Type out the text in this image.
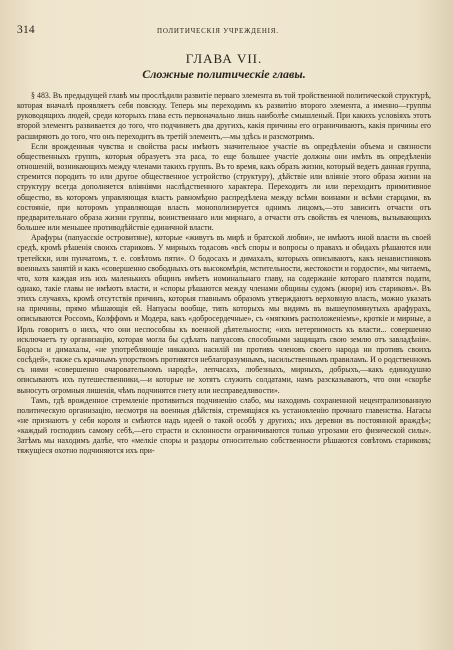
314	ПОЛИТИЧЕСКІЯ УЧРЕЖДЕНІЯ.
ГЛАВА VII.
Сложные политическiе главы.

§ 483. Въ предыдущей главѣ мы прослѣдили развитіе перваго элемента въ той тройственной политической структурѣ, которая вначалѣ проявляетъ себя повсюду. Теперь мы переходимъ къ развитію второго элемента, а именно—группы руководящихъ людей, среди которыхъ глава есть первоначально лишь наиболѣе смышленый. При какихъ условіяхъ этотъ второй элементъ развивается до того, что подчиняетъ два другихъ, какія причины его ограничиваютъ, какія причины его расширяютъ до того, что онъ переходитъ въ третій элементъ,—мы здѣсь и разсмотримъ.

Если врожденныя чувства и свойства расы имѣютъ значительное участіе въ опредѣленіи объема и связности общественныхъ группъ, которыя образуетъ эта раса, то еще большее участіе должны они имѣть въ опредѣленіи отношеній, возникающихъ между членами такихъ группъ. Въ то время, какъ образъ жизни, который ведетъ данная группа, стремится породить то или другое общественное устройство (структуру), дѣйствіе или вліяніе этого образа жизни на структуру всегда дополняется вліяніями наслѣдственного характера. Переходитъ ли или переходитъ примитивное общество, въ которомъ управляющая власть равномѣрно распредѣлена между всѣми воинами и всѣми старцами, въ состояніе, при которомъ управляющая власть монополизируется однимъ лицомъ,—это зависитъ отчасти отъ предварительнаго образа жизни группы, воинственнаго или мирнаго, а отчасти отъ свойствъ ея членовъ, вызывающихъ большее или меньшее противодѣйствіе единичной власти.

Арафуры (папуасскіе островитяне), которые «живутъ въ мирѣ и братской любви», не имѣютъ иной власти въ своей средѣ, кромѣ рѣшенія своихъ стариковъ. У мирныхъ тодасовъ «всѣ споры и вопросы о правахъ и обидахъ рѣшаются или третейски, или пунчатомъ, т. е. совѣтомъ пяти». О бодосахъ и димахалъ, которыхъ описываютъ, какъ ненавистниковъ военныхъ занятій и какъ «совершенно свободныхъ отъ высокомѣрія, мстительности, жестокости и гордости», мы читаемъ, что, хотя каждая изъ ихъ маленькихъ общинъ имѣетъ номинальнаго главу, на содержаніе котораго платятся подати, однако, такіе главы не имѣютъ власти, и «споры рѣшаются между членами общины судомъ (жюри) изъ стариковъ». Въ этихъ случаяхъ, кромѣ отсутствія причинъ, которыя главнымъ образомъ утверждаютъ верховную власть, можно указать на причины, прямо мѣшающія ей. Напуасы вообще, типъ которыхъ мы видимъ въ вышеупомянутыхъ арафурахъ, описываются Россомъ, Колффомъ и Модера, какъ «добросердечные», съ «мягкимъ расположеніемъ», кроткіе и мирные, а Ирль говоритъ о нихъ, что они неспособны къ военной дѣятельности; «ихъ нетерпимость къ власти... совершенно исключаетъ ту организацію, которая могла бы сдѣлать папуасовъ способными защищать свою землю отъ завладѣнія». Бодосы и димахалы, «не употребляющіе никакихъ насилій ни противъ членовъ своего народа ни противъ своихъ сосѣдей», также съ крачнымъ упорствомъ противятся неблагоразумнымъ, насильственнымъ правиламъ. И о родственномъ съ ними «совершенно очаровательномъ народѣ», лепчасахъ, любезныхъ, мирныхъ, добрыхъ,—какъ единодушно описываютъ ихъ путешественники,—и которые не хотятъ служить солдатами, намъ разсказываютъ, что они «скорѣе выносутъ огромныя лишенія, чѣмъ подчинятся гнету или несправедливости».

Тамъ, гдѣ врожденное стремленіе противиться подчиненію слабо, мы находимъ сохраненной нецентрализованную политическую организацію, несмотря на военныя дѣйствія, стремящіяся къ установленію прочнаго главенства. Нагасы «не признаютъ у себя короля и смѣются надъ идеей о такой особѣ у другихъ; ихъ деревни въ постоянной враждѣ»; «каждый господинъ самому себѣ,—его страсти и склонности ограничиваются только угрозами его физической силы». Затѣмъ мы находимъ далѣе, что «мелкіе споры и раздоры относительно собственности рѣшаются совѣтомъ стариковъ; тяжущіеся охотно подчиняются ихъ при-
